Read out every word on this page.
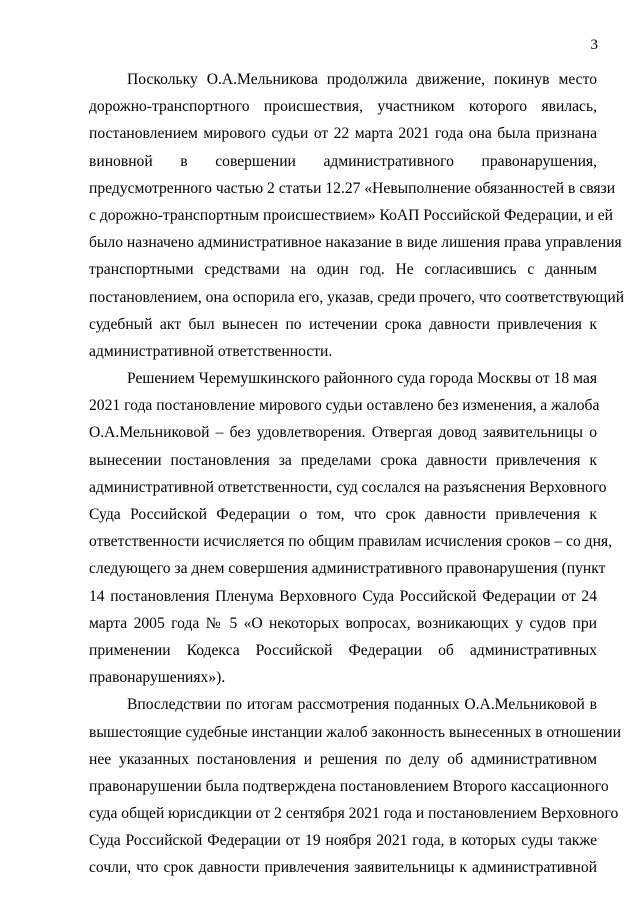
3
Поскольку О.А.Мельникова продолжила движение, покинув место
дорожно-транспортного происшествия, участником которого явилась,
постановлением мирового судьи от 22 марта 2021 года она была признана
виновной в совершении административного правонарушения,
предусмотренного частью 2 статьи 12.27 «Невыполнение обязанностей в связи
с дорожно-транспортным происшествием» КоАП Российской Федерации, и ей
было назначено административное наказание в виде лишения права управления
транспортными средствами на один год. Не согласившись с данным
постановлением, она оспорила его, указав, среди прочего, что соответствующий
судебный акт был вынесен по истечении срока давности привлечения к
административной ответственности.
Решением Черемушкинского районного суда города Москвы от 18 мая
2021 года постановление мирового судьи оставлено без изменения, а жалоба
О.А.Мельниковой – без удовлетворения. Отвергая довод заявительницы о
вынесении постановления за пределами срока давности привлечения к
административной ответственности, суд сослался на разъяснения Верховного
Суда Российской Федерации о том, что срок давности привлечения к
ответственности исчисляется по общим правилам исчисления сроков – со дня,
следующего за днем совершения административного правонарушения (пункт
14 постановления Пленума Верховного Суда Российской Федерации от 24
марта 2005 года № 5 «О некоторых вопросах, возникающих у судов при
применении Кодекса Российской Федерации об административных
правонарушениях»).
Впоследствии по итогам рассмотрения поданных О.А.Мельниковой в
вышестоящие судебные инстанции жалоб законность вынесенных в отношении
нее указанных постановления и решения по делу об административном
правонарушении была подтверждена постановлением Второго кассационного
суда общей юрисдикции от 2 сентября 2021 года и постановлением Верховного
Суда Российской Федерации от 19 ноября 2021 года, в которых суды также
сочли, что срок давности привлечения заявительницы к административной
